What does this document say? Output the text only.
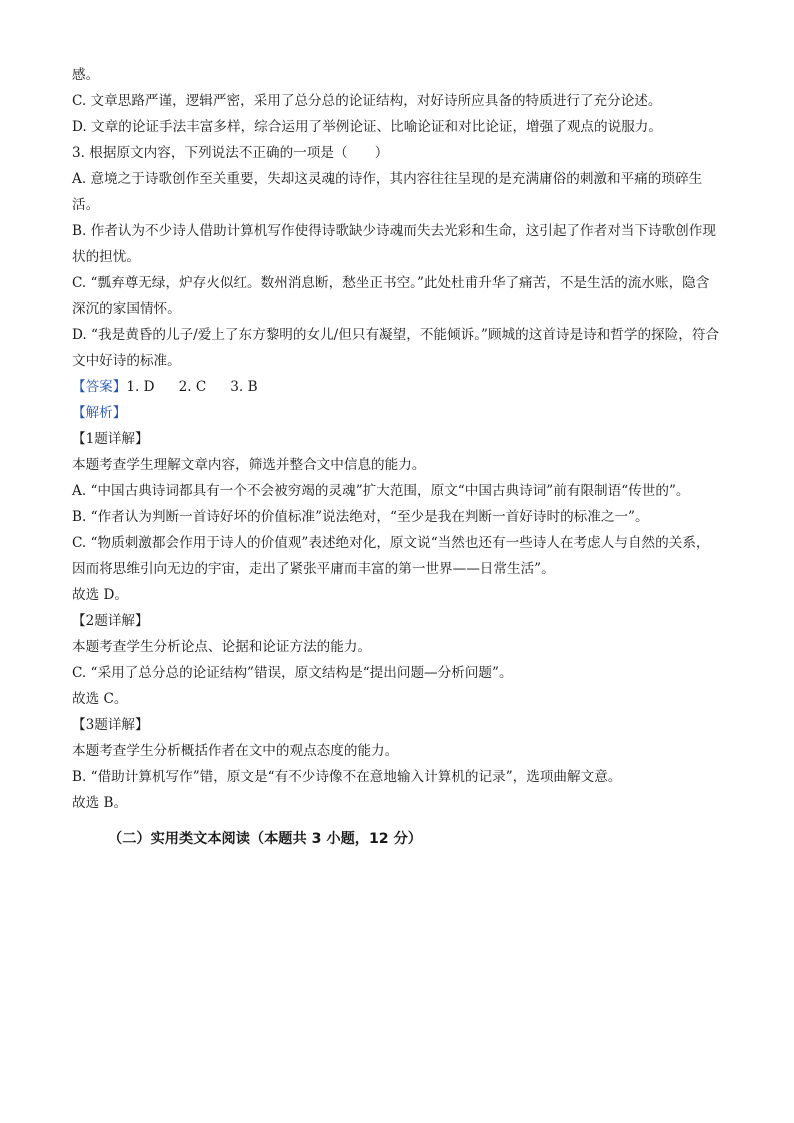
感。

C. 文章思路严谨，逻辑严密，采用了总分总的论证结构，对好诗所应具备的特质进行了充分论述。

D. 文章的论证手法丰富多样，综合运用了举例论证、比喻论证和对比论证，增强了观点的说服力。

3. 根据原文内容，下列说法不正确的一项是（　　）

A. 意境之于诗歌创作至关重要，失却这灵魂的诗作，其内容往往呈现的是充满庸俗的刺激和平痛的琐碎生活。

B. 作者认为不少诗人借助计算机写作使得诗歌缺少诗魂而失去光彩和生命，这引起了作者对当下诗歌创作现状的担忧。

C. “瓢弃尊无绿，炉存火似红。数州消息断，愁坐正书空。”此处杜甫升华了痛苦，不是生活的流水账，隐含深沉的家国情怀。

D. “我是黄昏的儿子/爱上了东方黎明的女儿/但只有凝望，不能倾诉。”顾城的这首诗是诗和哲学的探险，符合文中好诗的标准。

【答案】1. D 2. C 3. B

【解析】

【1题详解】

本题考查学生理解文章内容，筛选并整合文中信息的能力。

A. “中国古典诗词都具有一个不会被穷竭的灵魂”扩大范围，原文“中国古典诗词”前有限制语“传世的”。

B. “作者认为判断一首诗好坏的价值标准”说法绝对，“至少是我在判断一首好诗时的标准之一”。

C. “物质刺激都会作用于诗人的价值观”表述绝对化，原文说“当然也还有一些诗人在考虑人与自然的关系，因而将思维引向无边的宇宙，走出了紧张平庸而丰富的第一世界——日常生活”。

故选 D。

【2题详解】

本题考查学生分析论点、论据和论证方法的能力。

C. “采用了总分总的论证结构”错误，原文结构是“提出问题—分析问题”。

故选 C。

【3题详解】

本题考查学生分析概括作者在文中的观点态度的能力。

B. “借助计算机写作”错，原文是“有不少诗像不在意地输入计算机的记录”，选项曲解文意。

故选 B。

（二）实用类文本阅读（本题共 3 小题，12 分）
